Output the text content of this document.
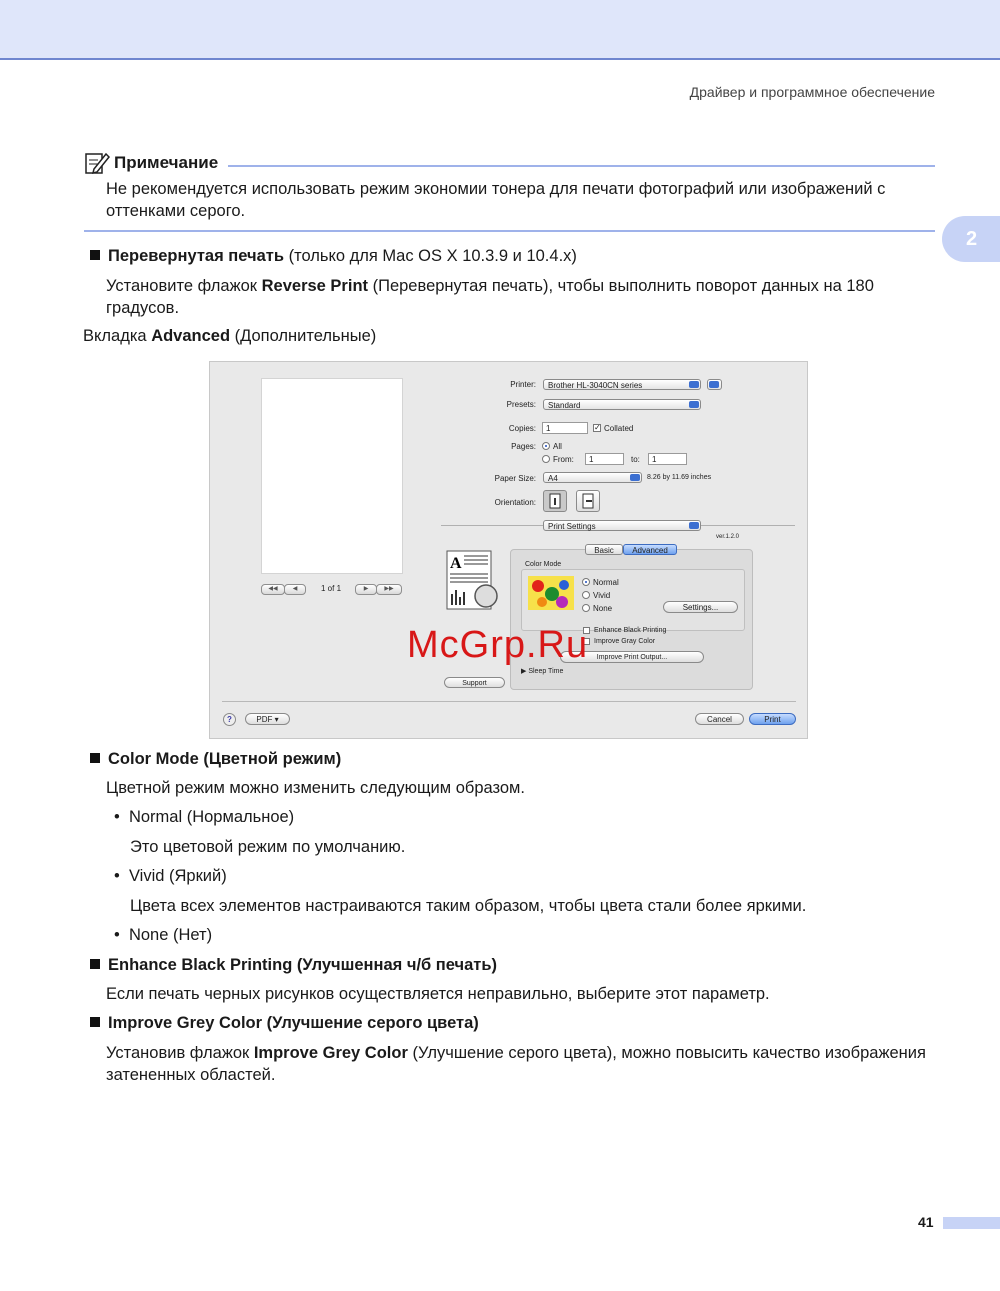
Драйвер и программное обеспечение
2
Примечание
Не рекомендуется использовать режим экономии тонера для печати фотографий или изображений с оттенками серого.
Перевернутая печать (только для Mac OS X 10.3.9 и 10.4.x)
Установите флажок Reverse Print (Перевернутая печать), чтобы выполнить поворот данных на 180 градусов.
Вкладка Advanced (Дополнительные)
◀◀	◀	1 of 1	▶	▶▶
Printer:	Brother HL-3040CN series
Presets:	Standard
Copies:	1	✓ Collated
Pages: All
From:	1	to:	1
Paper Size:	A4	8.26 by 11.69 inches
Orientation:
Print Settings
ver.1.2.0
A
Basic	Advanced
Color Mode
Normal
Vivid
None	Settings...
Enhance Black Printing
Improve Gray Color
Improve Print Output...
▶ Sleep Time
Support
?	PDF ▾	Cancel	Print
McGrp.Ru
Color Mode (Цветной режим)
Цветной режим можно изменить следующим образом.
• Normal (Нормальное)
Это цветовой режим по умолчанию.
• Vivid (Яркий)
Цвета всех элементов настраиваются таким образом, чтобы цвета стали более яркими.
• None (Нет)
Enhance Black Printing (Улучшенная ч/б печать)
Если печать черных рисунков осуществляется неправильно, выберите этот параметр.
Improve Grey Color (Улучшение серого цвета)
Установив флажок Improve Grey Color (Улучшение серого цвета), можно повысить качество изображения затененных областей.
41
